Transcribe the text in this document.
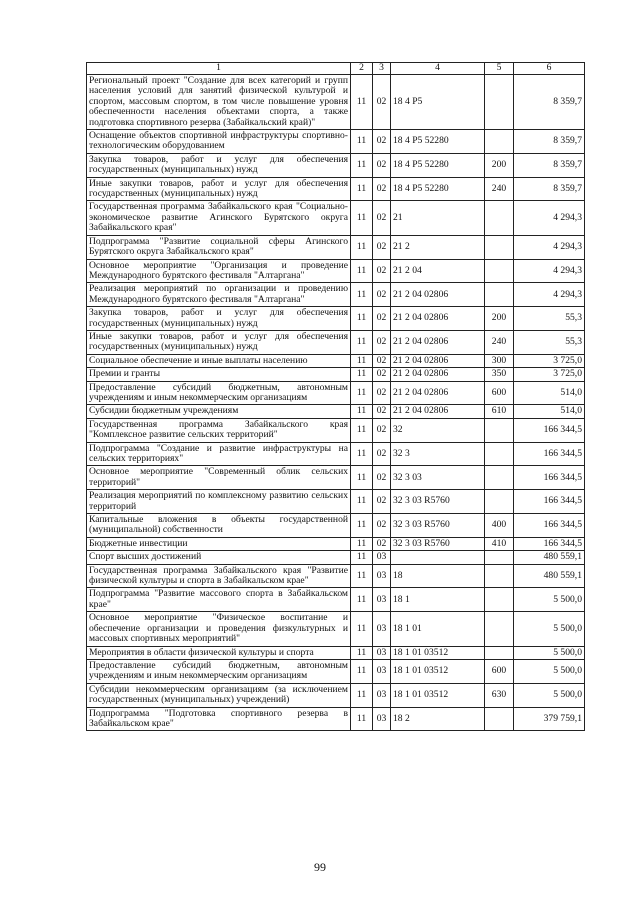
1	2	3	4	5	6
Региональный проект "Создание для всех категорий и групп населения условий для занятий физической культурой и спортом, массовым спортом, в том числе повышение уровня обеспеченности населения объектами спорта, а также подготовка спортивного резерва (Забайкальский край)"	11	02	18 4 P5		8 359,7
Оснащение объектов спортивной инфраструктуры спортивно-технологическим оборудованием	11	02	18 4 P5 52280		8 359,7
Закупка товаров, работ и услуг для обеспечения государственных (муниципальных) нужд	11	02	18 4 P5 52280	200	8 359,7
Иные закупки товаров, работ и услуг для обеспечения государственных (муниципальных) нужд	11	02	18 4 P5 52280	240	8 359,7
Государственная программа Забайкальского края "Социально-экономическое развитие Агинского Бурятского округа Забайкальского края"	11	02	21		4 294,3
Подпрограмма "Развитие социальной сферы Агинского Бурятского округа Забайкальского края"	11	02	21 2		4 294,3
Основное мероприятие "Организация и проведение Международного бурятского фестиваля "Алтаргана"	11	02	21 2 04		4 294,3
Реализация мероприятий по организации и проведению Международного бурятского фестиваля "Алтаргана"	11	02	21 2 04 02806		4 294,3
Закупка товаров, работ и услуг для обеспечения государственных (муниципальных) нужд	11	02	21 2 04 02806	200	55,3
Иные закупки товаров, работ и услуг для обеспечения государственных (муниципальных) нужд	11	02	21 2 04 02806	240	55,3
Социальное обеспечение и иные выплаты населению	11	02	21 2 04 02806	300	3 725,0
Премии и гранты	11	02	21 2 04 02806	350	3 725,0
Предоставление субсидий бюджетным, автономным учреждениям и иным некоммерческим организациям	11	02	21 2 04 02806	600	514,0
Субсидии бюджетным учреждениям	11	02	21 2 04 02806	610	514,0
Государственная программа Забайкальского края "Комплексное развитие сельских территорий"	11	02	32		166 344,5
Подпрограмма "Создание и развитие инфраструктуры на сельских территориях"	11	02	32 3		166 344,5
Основное мероприятие "Современный облик сельских территорий"	11	02	32 3 03		166 344,5
Реализация мероприятий по комплексному развитию сельских территорий	11	02	32 3 03 R5760		166 344,5
Капитальные вложения в объекты государственной (муниципальной) собственности	11	02	32 3 03 R5760	400	166 344,5
Бюджетные инвестиции	11	02	32 3 03 R5760	410	166 344,5
Спорт высших достижений	11	03			480 559,1
Государственная программа Забайкальского края "Развитие физической культуры и спорта в Забайкальском крае"	11	03	18		480 559,1
Подпрограмма "Развитие массового спорта в Забайкальском крае"	11	03	18 1		5 500,0
Основное мероприятие "Физическое воспитание и обеспечение организации и проведения физкультурных и массовых спортивных мероприятий"	11	03	18 1 01		5 500,0
Мероприятия в области физической культуры и спорта	11	03	18 1 01 03512		5 500,0
Предоставление субсидий бюджетным, автономным учреждениям и иным некоммерческим организациям	11	03	18 1 01 03512	600	5 500,0
Субсидии некоммерческим организациям (за исключением государственных (муниципальных) учреждений)	11	03	18 1 01 03512	630	5 500,0
Подпрограмма "Подготовка спортивного резерва в Забайкальском крае"	11	03	18 2		379 759,1
99
